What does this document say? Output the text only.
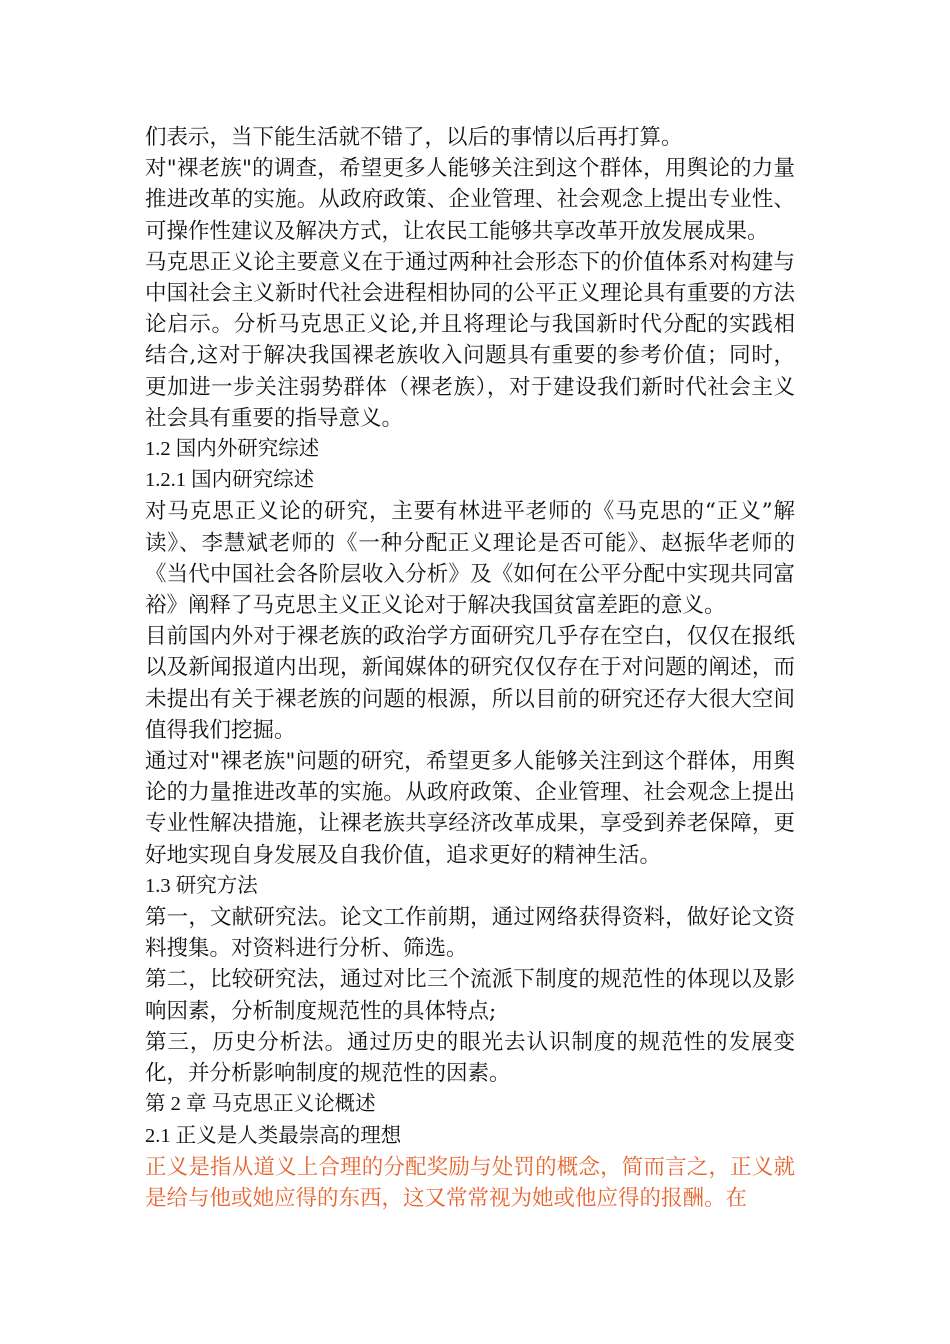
们表示，当下能生活就不错了，以后的事情以后再打算。

对"裸老族"的调查，希望更多人能够关注到这个群体，用舆论的力量推进改革的实施。从政府政策、企业管理、社会观念上提出专业性、可操作性建议及解决方式，让农民工能够共享改革开放发展成果。

马克思正义论主要意义在于通过两种社会形态下的价值体系对构建与中国社会主义新时代社会进程相协同的公平正义理论具有重要的方法论启示。分析马克思正义论,并且将理论与我国新时代分配的实践相结合,这对于解决我国裸老族收入问题具有重要的参考价值；同时，更加进一步关注弱势群体（裸老族），对于建设我们新时代社会主义社会具有重要的指导意义。

1.2 国内外研究综述

1.2.1 国内研究综述

对马克思正义论的研究，主要有林进平老师的《马克思的“正义”解读》、李慧斌老师的《一种分配正义理论是否可能》、赵振华老师的《当代中国社会各阶层收入分析》及《如何在公平分配中实现共同富裕》阐释了马克思主义正义论对于解决我国贫富差距的意义。

目前国内外对于裸老族的政治学方面研究几乎存在空白，仅仅在报纸以及新闻报道内出现，新闻媒体的研究仅仅存在于对问题的阐述，而未提出有关于裸老族的问题的根源，所以目前的研究还存大很大空间值得我们挖掘。

通过对"裸老族"问题的研究，希望更多人能够关注到这个群体，用舆论的力量推进改革的实施。从政府政策、企业管理、社会观念上提出专业性解决措施，让裸老族共享经济改革成果，享受到养老保障，更好地实现自身发展及自我价值，追求更好的精神生活。

1.3 研究方法

第一，文献研究法。论文工作前期，通过网络获得资料，做好论文资料搜集。对资料进行分析、筛选。

第二，比较研究法，通过对比三个流派下制度的规范性的体现以及影响因素，分析制度规范性的具体特点;

第三，历史分析法。通过历史的眼光去认识制度的规范性的发展变化，并分析影响制度的规范性的因素。

第 2 章 马克思正义论概述

2.1 正义是人类最崇高的理想

正义是指从道义上合理的分配奖励与处罚的概念，简而言之，正义就是给与他或她应得的东西，这又常常视为她或他应得的报酬。在
